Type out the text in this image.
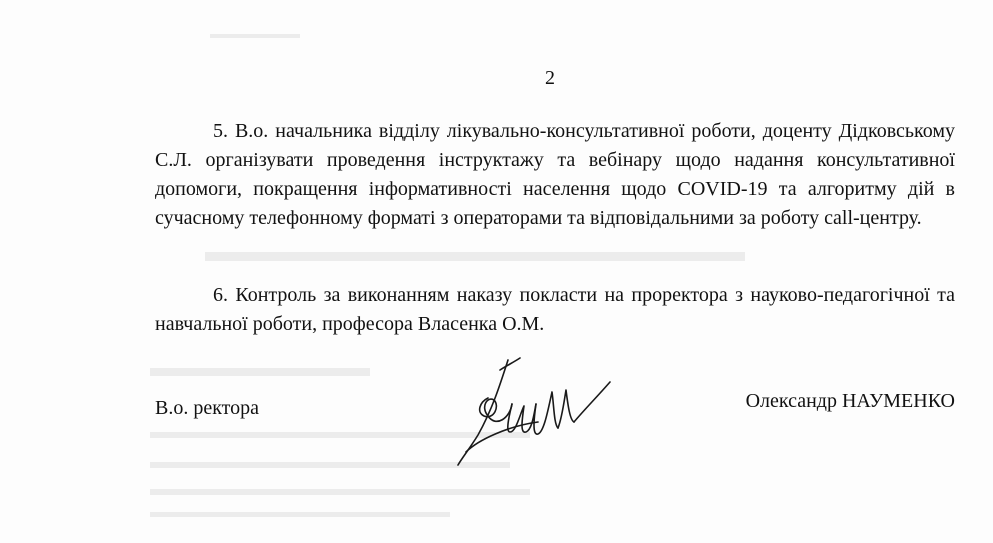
2

5. В.о. начальника відділу лікувально-консультативної роботи, доценту Дідковському С.Л. організувати проведення інструктажу та вебінару щодо надання консультативної допомоги, покращення інформативності населення щодо COVID-19 та алгоритму дій в сучасному телефонному форматі з операторами та відповідальними за роботу call-центру.

6. Контроль за виконанням наказу покласти на проректора з науково-педагогічної та навчальної роботи, професора Власенка О.М.

В.о. ректора	Олександр НАУМЕНКО
